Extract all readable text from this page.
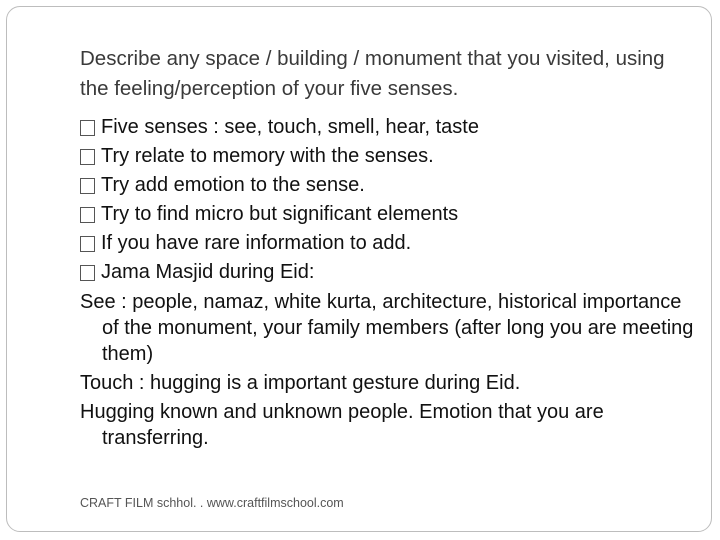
Describe any space / building / monument that you visited, using the feeling/perception of your five senses.
Five senses : see, touch, smell, hear, taste
Try relate to memory with the senses.
Try add emotion to the sense.
Try to find micro but significant elements
If you have rare information to add.
Jama Masjid during Eid:

See : people, namaz, white kurta, architecture, historical importance of the monument, your family members (after long you are meeting them)

Touch : hugging is a important gesture during Eid.

Hugging known and unknown people. Emotion that you are transferring.

CRAFT FILM schhol. . www.craftfilmschool.com
